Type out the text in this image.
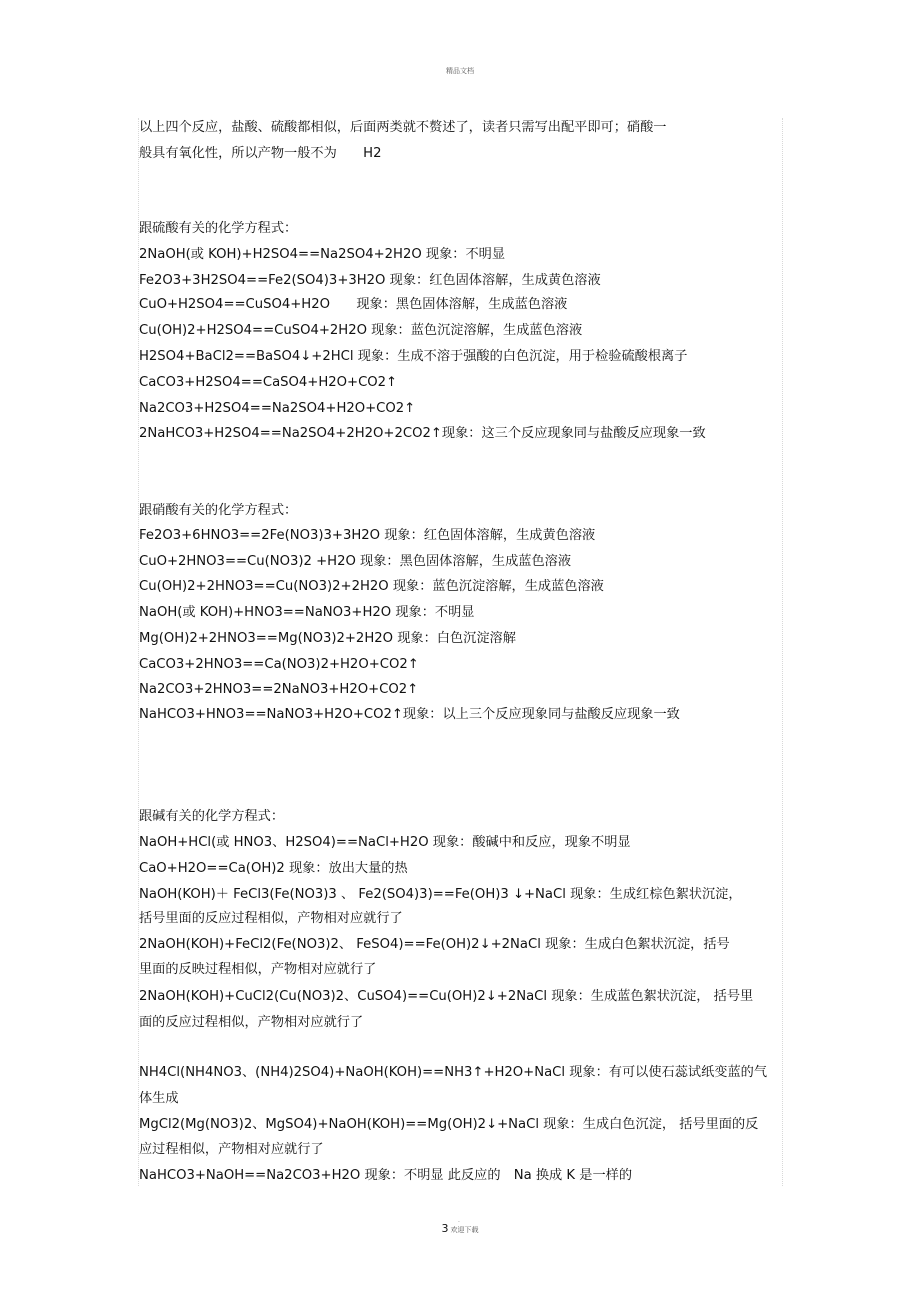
精品文档
以上四个反应，盐酸、硫酸都相似，后面两类就不赘述了，读者只需写出配平即可；硝酸一
般具有氧化性，所以产物一般不为　　H2
跟硫酸有关的化学方程式：
2NaOH(或 KOH)+H2SO4==Na2SO4+2H2O 现象：不明显
Fe2O3+3H2SO4==Fe2(SO4)3+3H2O 现象：红色固体溶解，生成黄色溶液
CuO+H2SO4==CuSO4+H2O　　现象：黑色固体溶解，生成蓝色溶液
Cu(OH)2+H2SO4==CuSO4+2H2O 现象：蓝色沉淀溶解，生成蓝色溶液
H2SO4+BaCl2==BaSO4↓+2HCl 现象：生成不溶于强酸的白色沉淀，用于检验硫酸根离子
CaCO3+H2SO4==CaSO4+H2O+CO2↑
Na2CO3+H2SO4==Na2SO4+H2O+CO2↑
2NaHCO3+H2SO4==Na2SO4+2H2O+2CO2↑现象：这三个反应现象同与盐酸反应现象一致
跟硝酸有关的化学方程式：
Fe2O3+6HNO3==2Fe(NO3)3+3H2O 现象：红色固体溶解，生成黄色溶液
CuO+2HNO3==Cu(NO3)2 +H2O 现象：黑色固体溶解，生成蓝色溶液
Cu(OH)2+2HNO3==Cu(NO3)2+2H2O 现象：蓝色沉淀溶解，生成蓝色溶液
NaOH(或 KOH)+HNO3==NaNO3+H2O 现象：不明显
Mg(OH)2+2HNO3==Mg(NO3)2+2H2O 现象：白色沉淀溶解
CaCO3+2HNO3==Ca(NO3)2+H2O+CO2↑
Na2CO3+2HNO3==2NaNO3+H2O+CO2↑
NaHCO3+HNO3==NaNO3+H2O+CO2↑现象：以上三个反应现象同与盐酸反应现象一致
跟碱有关的化学方程式：
NaOH+HCl(或 HNO3、H2SO4)==NaCl+H2O 现象：酸碱中和反应，现象不明显
CaO+H2O==Ca(OH)2 现象：放出大量的热
NaOH(KOH)＋ FeCl3(Fe(NO3)3 、 Fe2(SO4)3)==Fe(OH)3 ↓+NaCl 现象：生成红棕色絮状沉淀，
括号里面的反应过程相似，产物相对应就行了
2NaOH(KOH)+FeCl2(Fe(NO3)2、 FeSO4)==Fe(OH)2↓+2NaCl 现象：生成白色絮状沉淀，括号
里面的反映过程相似，产物相对应就行了
2NaOH(KOH)+CuCl2(Cu(NO3)2、CuSO4)==Cu(OH)2↓+2NaCl 现象：生成蓝色絮状沉淀， 括号里
面的反应过程相似，产物相对应就行了
NH4Cl(NH4NO3、(NH4)2SO4)+NaOH(KOH)==NH3↑+H2O+NaCl 现象：有可以使石蕊试纸变蓝的气
体生成
MgCl2(Mg(NO3)2、MgSO4)+NaOH(KOH)==Mg(OH)2↓+NaCl 现象：生成白色沉淀， 括号里面的反
应过程相似，产物相对应就行了
NaHCO3+NaOH==Na2CO3+H2O 现象：不明显 此反应的　Na 换成 K 是一样的
.
3 欢迎下载
